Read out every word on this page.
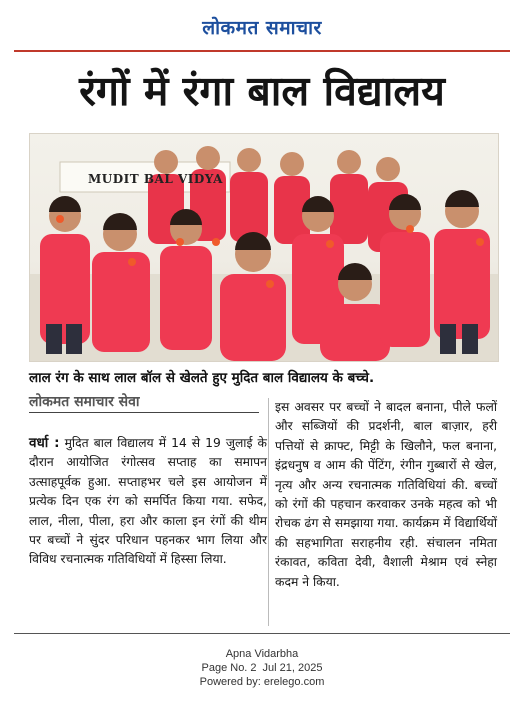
लोकमत समाचार
रंगों में रंगा बाल विद्यालय
MUDIT BAL VIDYA
लाल रंग के साथ लाल बॉल से खेलते हुए मुदित बाल विद्यालय के बच्चे.
लोकमत समाचार सेवा
वर्धा : मुदित बाल विद्यालय में 14 से 19 जुलाई के दौरान आयोजित रंगोत्सव सप्ताह का समापन उत्साहपूर्वक हुआ. सप्ताहभर चले इस आयोजन में प्रत्येक दिन एक रंग को समर्पित किया गया. सफेद, लाल, नीला, पीला, हरा और काला इन रंगों की थीम पर बच्चों ने सुंदर परिधान पहनकर भाग लिया और विविध रचनात्मक गतिविधियों में हिस्सा लिया.
इस अवसर पर बच्चों ने बादल बनाना, पीले फलों और सब्जियों की प्रदर्शनी, बाल बाज़ार, हरी पत्तियों से क्राफ्ट, मिट्टी के खिलौने, फल बनाना, इंद्रधनुष व आम की पेंटिंग, रंगीन गुब्बारों से खेल, नृत्य और अन्य रचनात्मक गतिविधियां की. बच्चों को रंगों की पहचान करवाकर उनके महत्व को भी रोचक ढंग से समझाया गया. कार्यक्रम में विद्यार्थियों की सहभागिता सराहनीय रही. संचालन नमिता रंकावत, कविता देवी, वैशाली मेश्राम एवं स्नेहा कदम ने किया.
Apna Vidarbha
Page No. 2 Jul 21, 2025
Powered by: erelego.com
